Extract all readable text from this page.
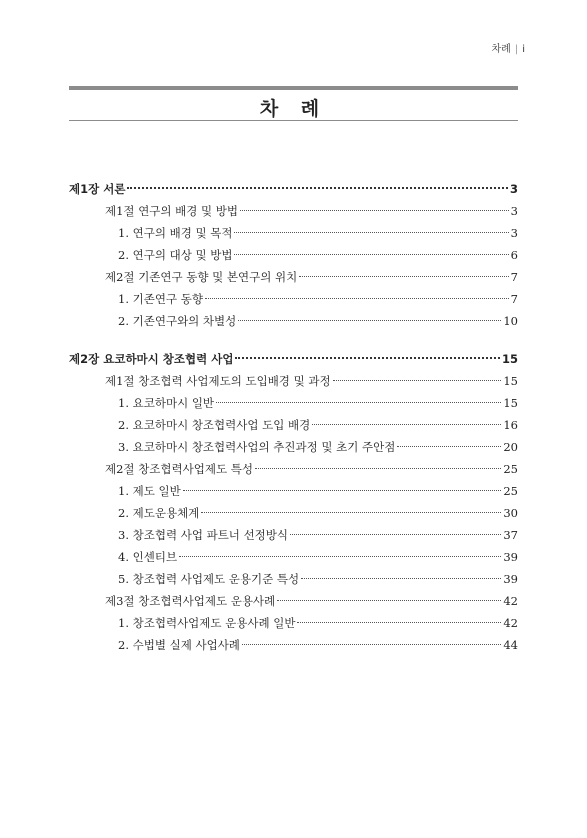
차례 | i
차 례
제1장 서론	3
제1절 연구의 배경 및 방법	3
1. 연구의 배경 및 목적	3
2. 연구의 대상 및 방법	6
제2절 기존연구 동향 및 본연구의 위치	7
1. 기존연구 동향	7
2. 기존연구와의 차별성	10
제2장 요코하마시 창조협력 사업	15
제1절 창조협력 사업제도의 도입배경 및 과정	15
1. 요코하마시 일반	15
2. 요코하마시 창조협력사업 도입 배경	16
3. 요코하마시 창조협력사업의 추진과정 및 초기 주안점	20
제2절 창조협력사업제도 특성	25
1. 제도 일반	25
2. 제도운용체계	30
3. 창조협력 사업 파트너 선정방식	37
4. 인센티브	39
5. 창조협력 사업제도 운용기준 특성	39
제3절 창조협력사업제도 운용사례	42
1. 창조협력사업제도 운용사례 일반	42
2. 수법별 실제 사업사례	44
